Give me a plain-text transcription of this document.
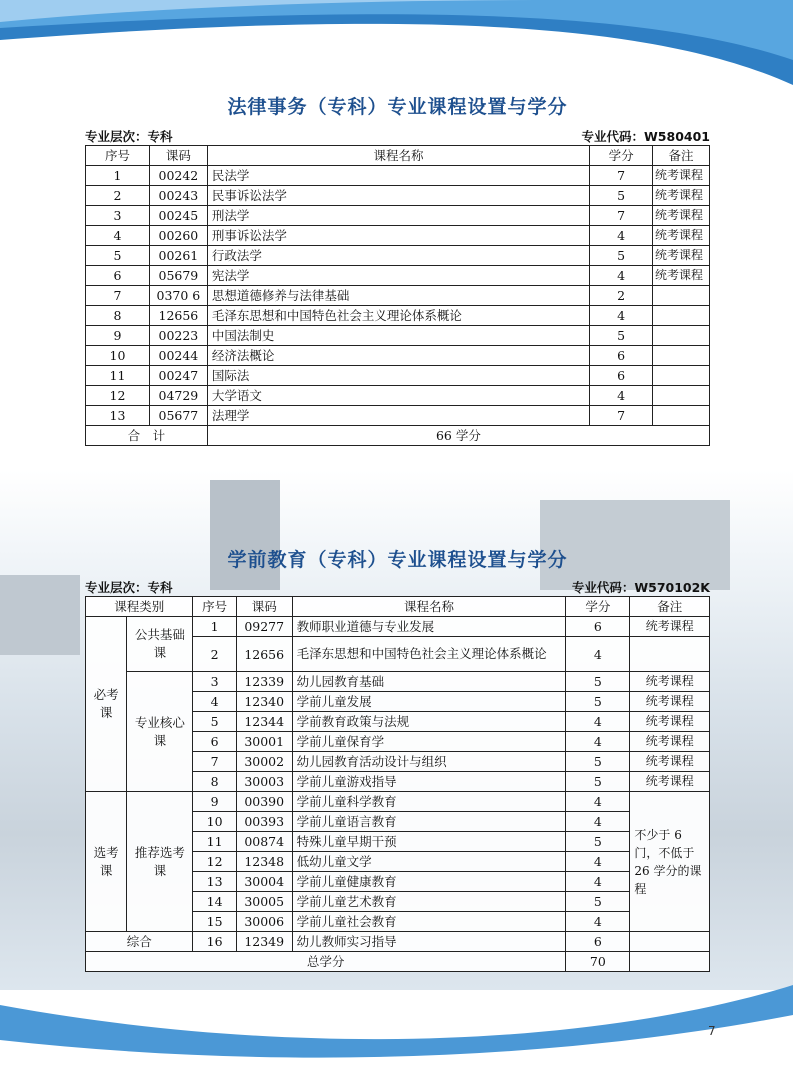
法律事务（专科）专业课程设置与学分
专业层次：专科	专业代码：W580401
序号	课码	课程名称	学分	备注
1	00242	民法学	7	统考课程
2	00243	民事诉讼法学	5	统考课程
3	00245	刑法学	7	统考课程
4	00260	刑事诉讼法学	4	统考课程
5	00261	行政法学	5	统考课程
6	05679	宪法学	4	统考课程
7	0370 6	思想道德修养与法律基础	2	
8	12656	毛泽东思想和中国特色社会主义理论体系概论	4	
9	00223	中国法制史	5	
10	00244	经济法概论	6	
11	00247	国际法	6	
12	04729	大学语文	4	
13	05677	法理学	7	
合　计		66 学分		
学前教育（专科）专业课程设置与学分
专业层次：专科	专业代码：W570102K
课程类别		序号	课码	课程名称	学分	备注
必考课	公共基础课	1	09277	教师职业道德与专业发展	6	统考课程
		2	12656	毛泽东思想和中国特色社会主义理论体系概论	4	
	专业核心课	3	12339	幼儿园教育基础	5	统考课程
		4	12340	学前儿童发展	5	统考课程
		5	12344	学前教育政策与法规	4	统考课程
		6	30001	学前儿童保育学	4	统考课程
		7	30002	幼儿园教育活动设计与组织	5	统考课程
		8	30003	学前儿童游戏指导	5	统考课程
选考课	推荐选考课	9	00390	学前儿童科学教育	4	不少于 6 门，不低于 26 学分的课程
		10	00393	学前儿童语言教育	4	
		11	00874	特殊儿童早期干预	5	
		12	12348	低幼儿童文学	4	
		13	30004	学前儿童健康教育	4	
		14	30005	学前儿童艺术教育	5	
		15	30006	学前儿童社会教育	4	
综合		16	12349	幼儿教师实习指导	6	
总学分					70	
7
